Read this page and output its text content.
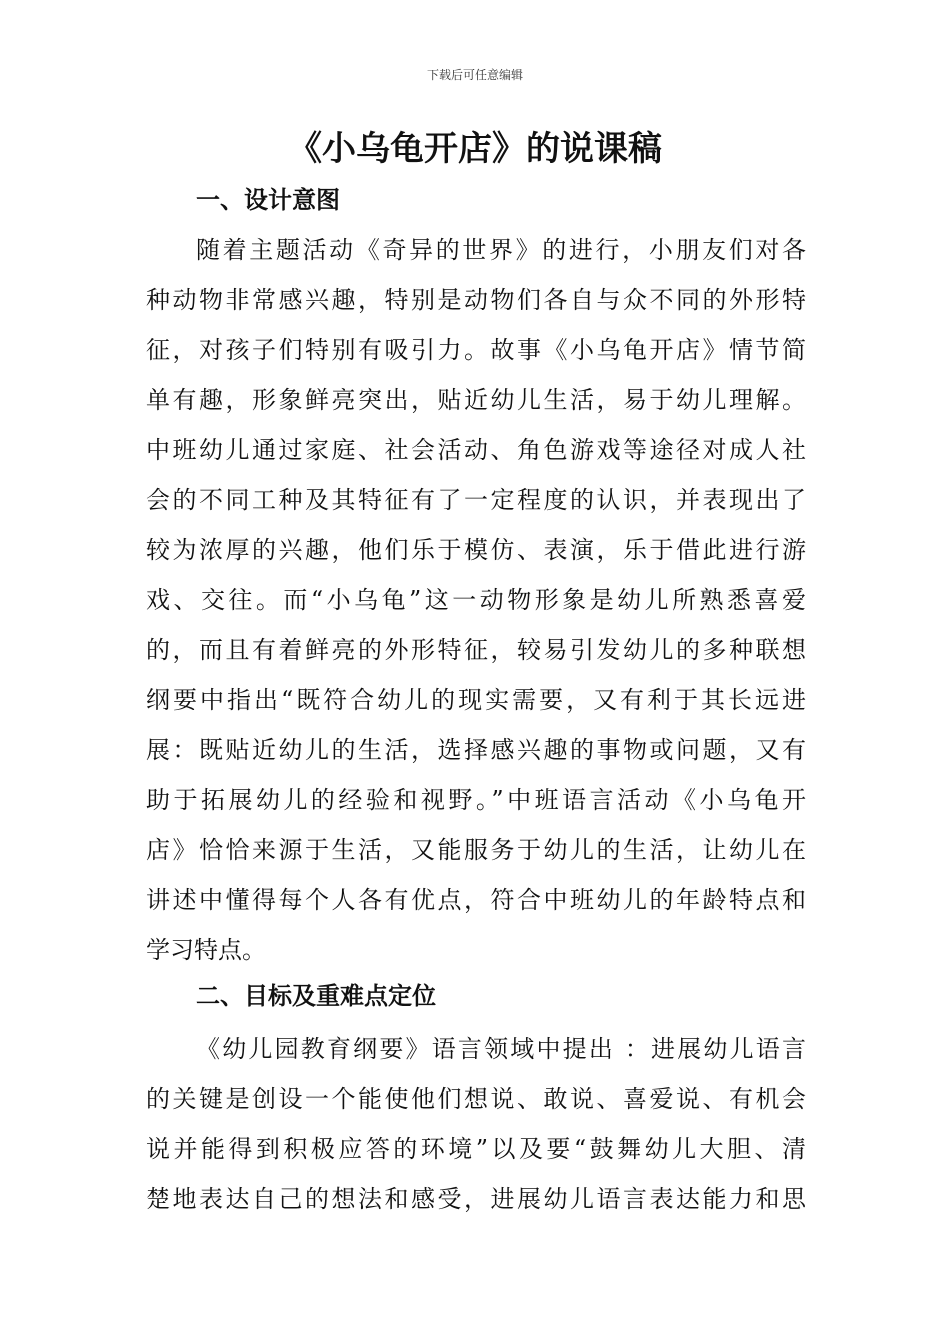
下载后可任意编辑
《小乌龟开店》的说课稿
一、设计意图
随着主题活动《奇异的世界》的进行，小朋友们对各
种动物非常感兴趣，特别是动物们各自与众不同的外形特
征，对孩子们特别有吸引力。故事《小乌龟开店》情节简
单有趣，形象鲜亮突出，贴近幼儿生活，易于幼儿理解。
中班幼儿通过家庭、社会活动、角色游戏等途径对成人社
会的不同工种及其特征有了一定程度的认识，并表现出了
较为浓厚的兴趣，他们乐于模仿、表演，乐于借此进行游
戏、交往。而“小乌龟”这一动物形象是幼儿所熟悉喜爱
的，而且有着鲜亮的外形特征，较易引发幼儿的多种联想
纲要中指出“既符合幼儿的现实需要，又有利于其长远进
展：既贴近幼儿的生活，选择感兴趣的事物或问题，又有
助于拓展幼儿的经验和视野。”中班语言活动《小乌龟开
店》恰恰来源于生活，又能服务于幼儿的生活，让幼儿在
讲述中懂得每个人各有优点，符合中班幼儿的年龄特点和
学习特点。
二、目标及重难点定位
《幼儿园教育纲要》语言领域中提出 ：进展幼儿语言
的关键是创设一个能使他们想说、敢说、喜爱说、有机会
说并能得到积极应答的环境”以及要“鼓舞幼儿大胆、清
楚地表达自己的想法和感受，进展幼儿语言表达能力和思
